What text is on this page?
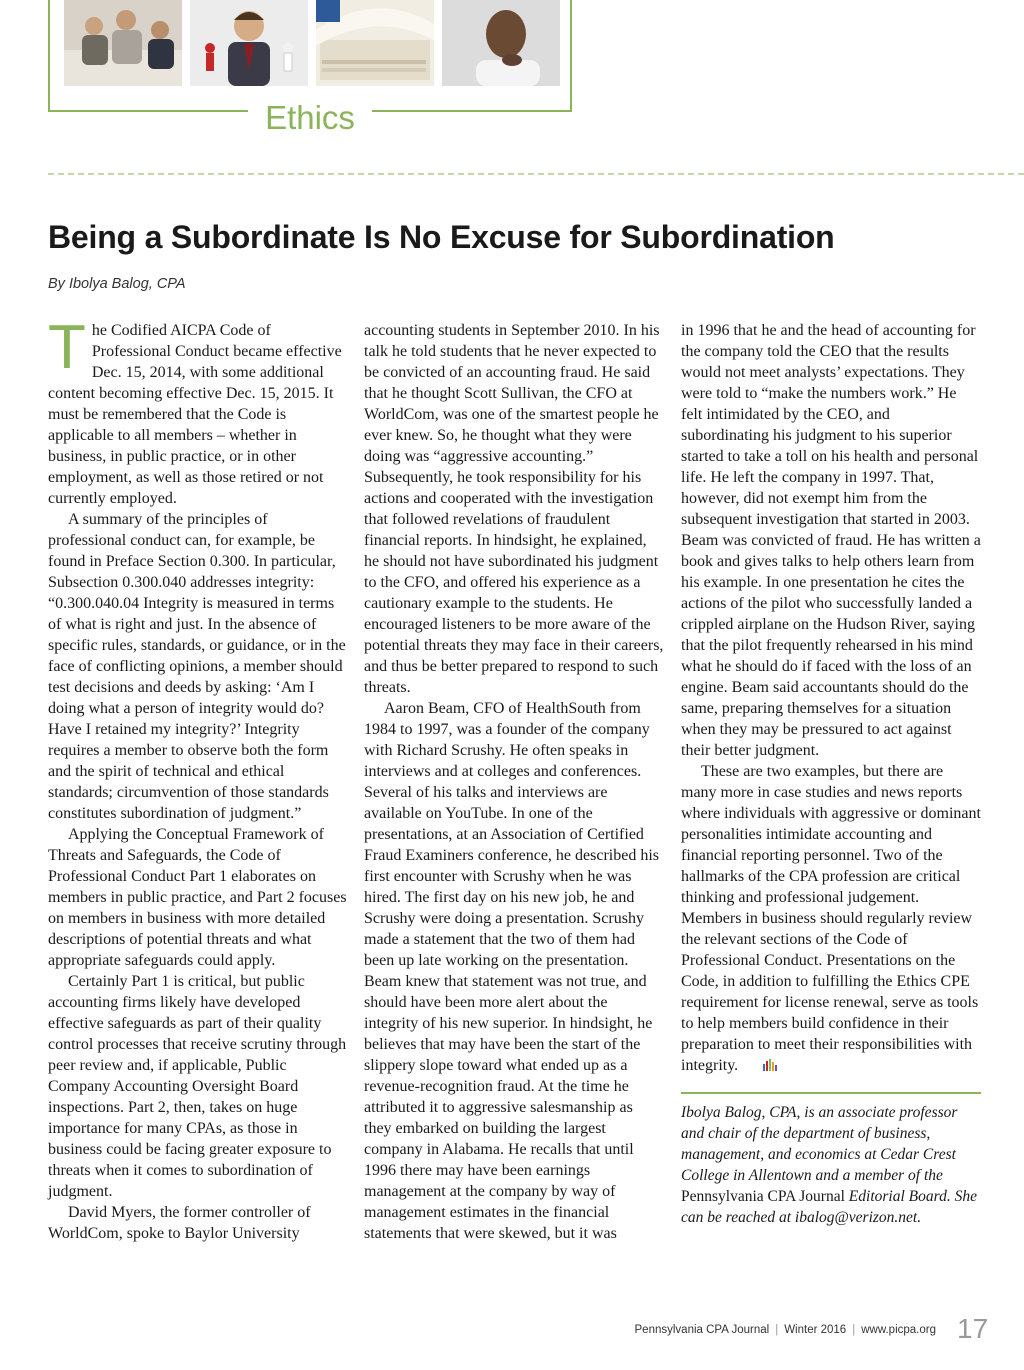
Ethics
Being a Subordinate Is No Excuse for Subordination
By Ibolya Balog, CPA

The Codified AICPA Code of Professional Conduct became effective Dec. 15, 2014, with some additional content becoming effective Dec. 15, 2015. It must be remembered that the Code is applicable to all members – whether in business, in public practice, or in other employment, as well as those retired or not currently employed.

A summary of the principles of professional conduct can, for example, be found in Preface Section 0.300. In particular, Subsection 0.300.040 addresses integrity: “0.300.040.04 Integrity is measured in terms of what is right and just. In the absence of specific rules, standards, or guidance, or in the face of conflicting opinions, a member should test decisions and deeds by asking: ‘Am I doing what a person of integrity would do? Have I retained my integrity?’ Integrity requires a member to observe both the form and the spirit of technical and ethical standards; circumvention of those standards constitutes subordination of judgment.”

Applying the Conceptual Framework of Threats and Safeguards, the Code of Professional Conduct Part 1 elaborates on members in public practice, and Part 2 focuses on members in business with more detailed descriptions of potential threats and what appropriate safeguards could apply.

Certainly Part 1 is critical, but public accounting firms likely have developed effective safeguards as part of their quality control processes that receive scrutiny through peer review and, if applicable, Public Company Accounting Oversight Board inspections. Part 2, then, takes on huge importance for many CPAs, as those in business could be facing greater exposure to threats when it comes to subordination of judgment.

David Myers, the former controller of WorldCom, spoke to Baylor University

accounting students in September 2010. In his talk he told students that he never expected to be convicted of an accounting fraud. He said that he thought Scott Sullivan, the CFO at WorldCom, was one of the smartest people he ever knew. So, he thought what they were doing was “aggressive accounting.” Subsequently, he took responsibility for his actions and cooperated with the investigation that followed revelations of fraudulent financial reports. In hindsight, he explained, he should not have subordinated his judgment to the CFO, and offered his experience as a cautionary example to the students. He encouraged listeners to be more aware of the potential threats they may face in their careers, and thus be better prepared to respond to such threats.

Aaron Beam, CFO of HealthSouth from 1984 to 1997, was a founder of the company with Richard Scrushy. He often speaks in interviews and at colleges and conferences. Several of his talks and interviews are available on YouTube. In one of the presentations, at an Association of Certified Fraud Examiners conference, he described his first encounter with Scrushy when he was hired. The first day on his new job, he and Scrushy were doing a presentation. Scrushy made a statement that the two of them had been up late working on the presentation. Beam knew that statement was not true, and should have been more alert about the integrity of his new superior. In hindsight, he believes that may have been the start of the slippery slope toward what ended up as a revenue-recognition fraud. At the time he attributed it to aggressive salesmanship as they embarked on building the largest company in Alabama. He recalls that until 1996 there may have been earnings management at the company by way of management estimates in the financial statements that were skewed, but it was

in 1996 that he and the head of accounting for the company told the CEO that the results would not meet analysts’ expectations. They were told to “make the numbers work.” He felt intimidated by the CEO, and subordinating his judgment to his superior started to take a toll on his health and personal life. He left the company in 1997. That, however, did not exempt him from the subsequent investigation that started in 2003. Beam was convicted of fraud. He has written a book and gives talks to help others learn from his example. In one presentation he cites the actions of the pilot who successfully landed a crippled airplane on the Hudson River, saying that the pilot frequently rehearsed in his mind what he should do if faced with the loss of an engine. Beam said accountants should do the same, preparing themselves for a situation when they may be pressured to act against their better judgment.

These are two examples, but there are many more in case studies and news reports where individuals with aggressive or dominant personalities intimidate accounting and financial reporting personnel. Two of the hallmarks of the CPA profession are critical thinking and professional judgement. Members in business should regularly review the relevant sections of the Code of Professional Conduct. Presentations on the Code, in addition to fulfilling the Ethics CPE requirement for license renewal, serve as tools to help members build confidence in their preparation to meet their responsibilities with integrity.

Ibolya Balog, CPA, is an associate professor and chair of the department of business, management, and economics at Cedar Crest College in Allentown and a member of the Pennsylvania CPA Journal Editorial Board. She can be reached at ibalog@verizon.net.

Pennsylvania CPA Journal | Winter 2016 | www.picpa.org 17
